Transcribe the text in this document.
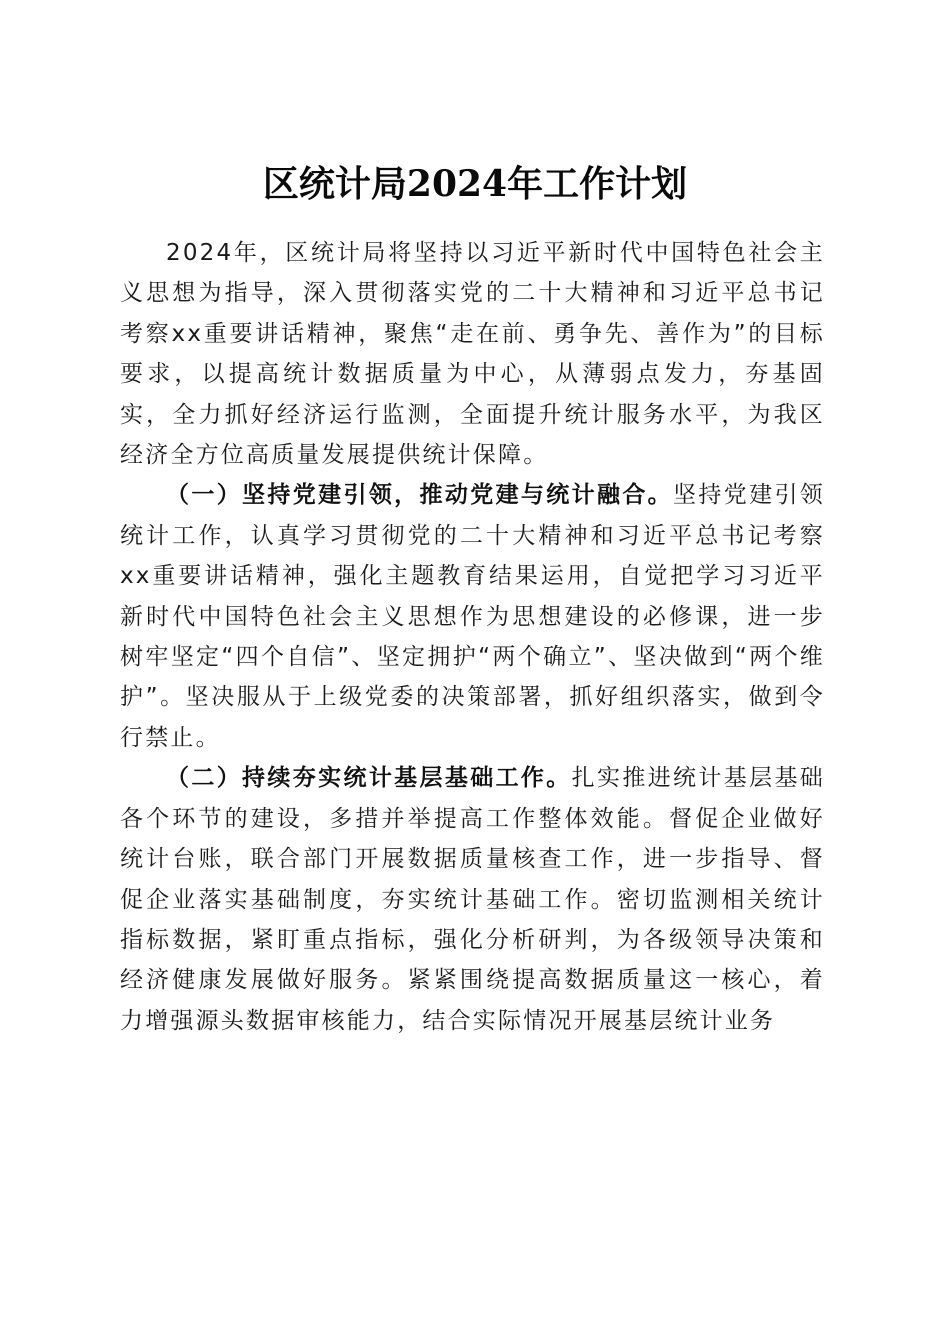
区统计局2024年工作计划

2024年，区统计局将坚持以习近平新时代中国特色社会主义思想为指导，深入贯彻落实党的二十大精神和习近平总书记考察xx重要讲话精神，聚焦“走在前、勇争先、善作为”的目标要求，以提高统计数据质量为中心，从薄弱点发力，夯基固实，全力抓好经济运行监测，全面提升统计服务水平，为我区经济全方位高质量发展提供统计保障。

（一）坚持党建引领，推动党建与统计融合。坚持党建引领统计工作，认真学习贯彻党的二十大精神和习近平总书记考察xx重要讲话精神，强化主题教育结果运用，自觉把学习习近平新时代中国特色社会主义思想作为思想建设的必修课，进一步树牢坚定“四个自信”、坚定拥护“两个确立”、坚决做到“两个维护”。坚决服从于上级党委的决策部署，抓好组织落实，做到令行禁止。

（二）持续夯实统计基层基础工作。扎实推进统计基层基础各个环节的建设，多措并举提高工作整体效能。督促企业做好统计台账，联合部门开展数据质量核查工作，进一步指导、督促企业落实基础制度，夯实统计基础工作。密切监测相关统计指标数据，紧盯重点指标，强化分析研判，为各级领导决策和经济健康发展做好服务。紧紧围绕提高数据质量这一核心，着力增强源头数据审核能力，结合实际情况开展基层统计业务
